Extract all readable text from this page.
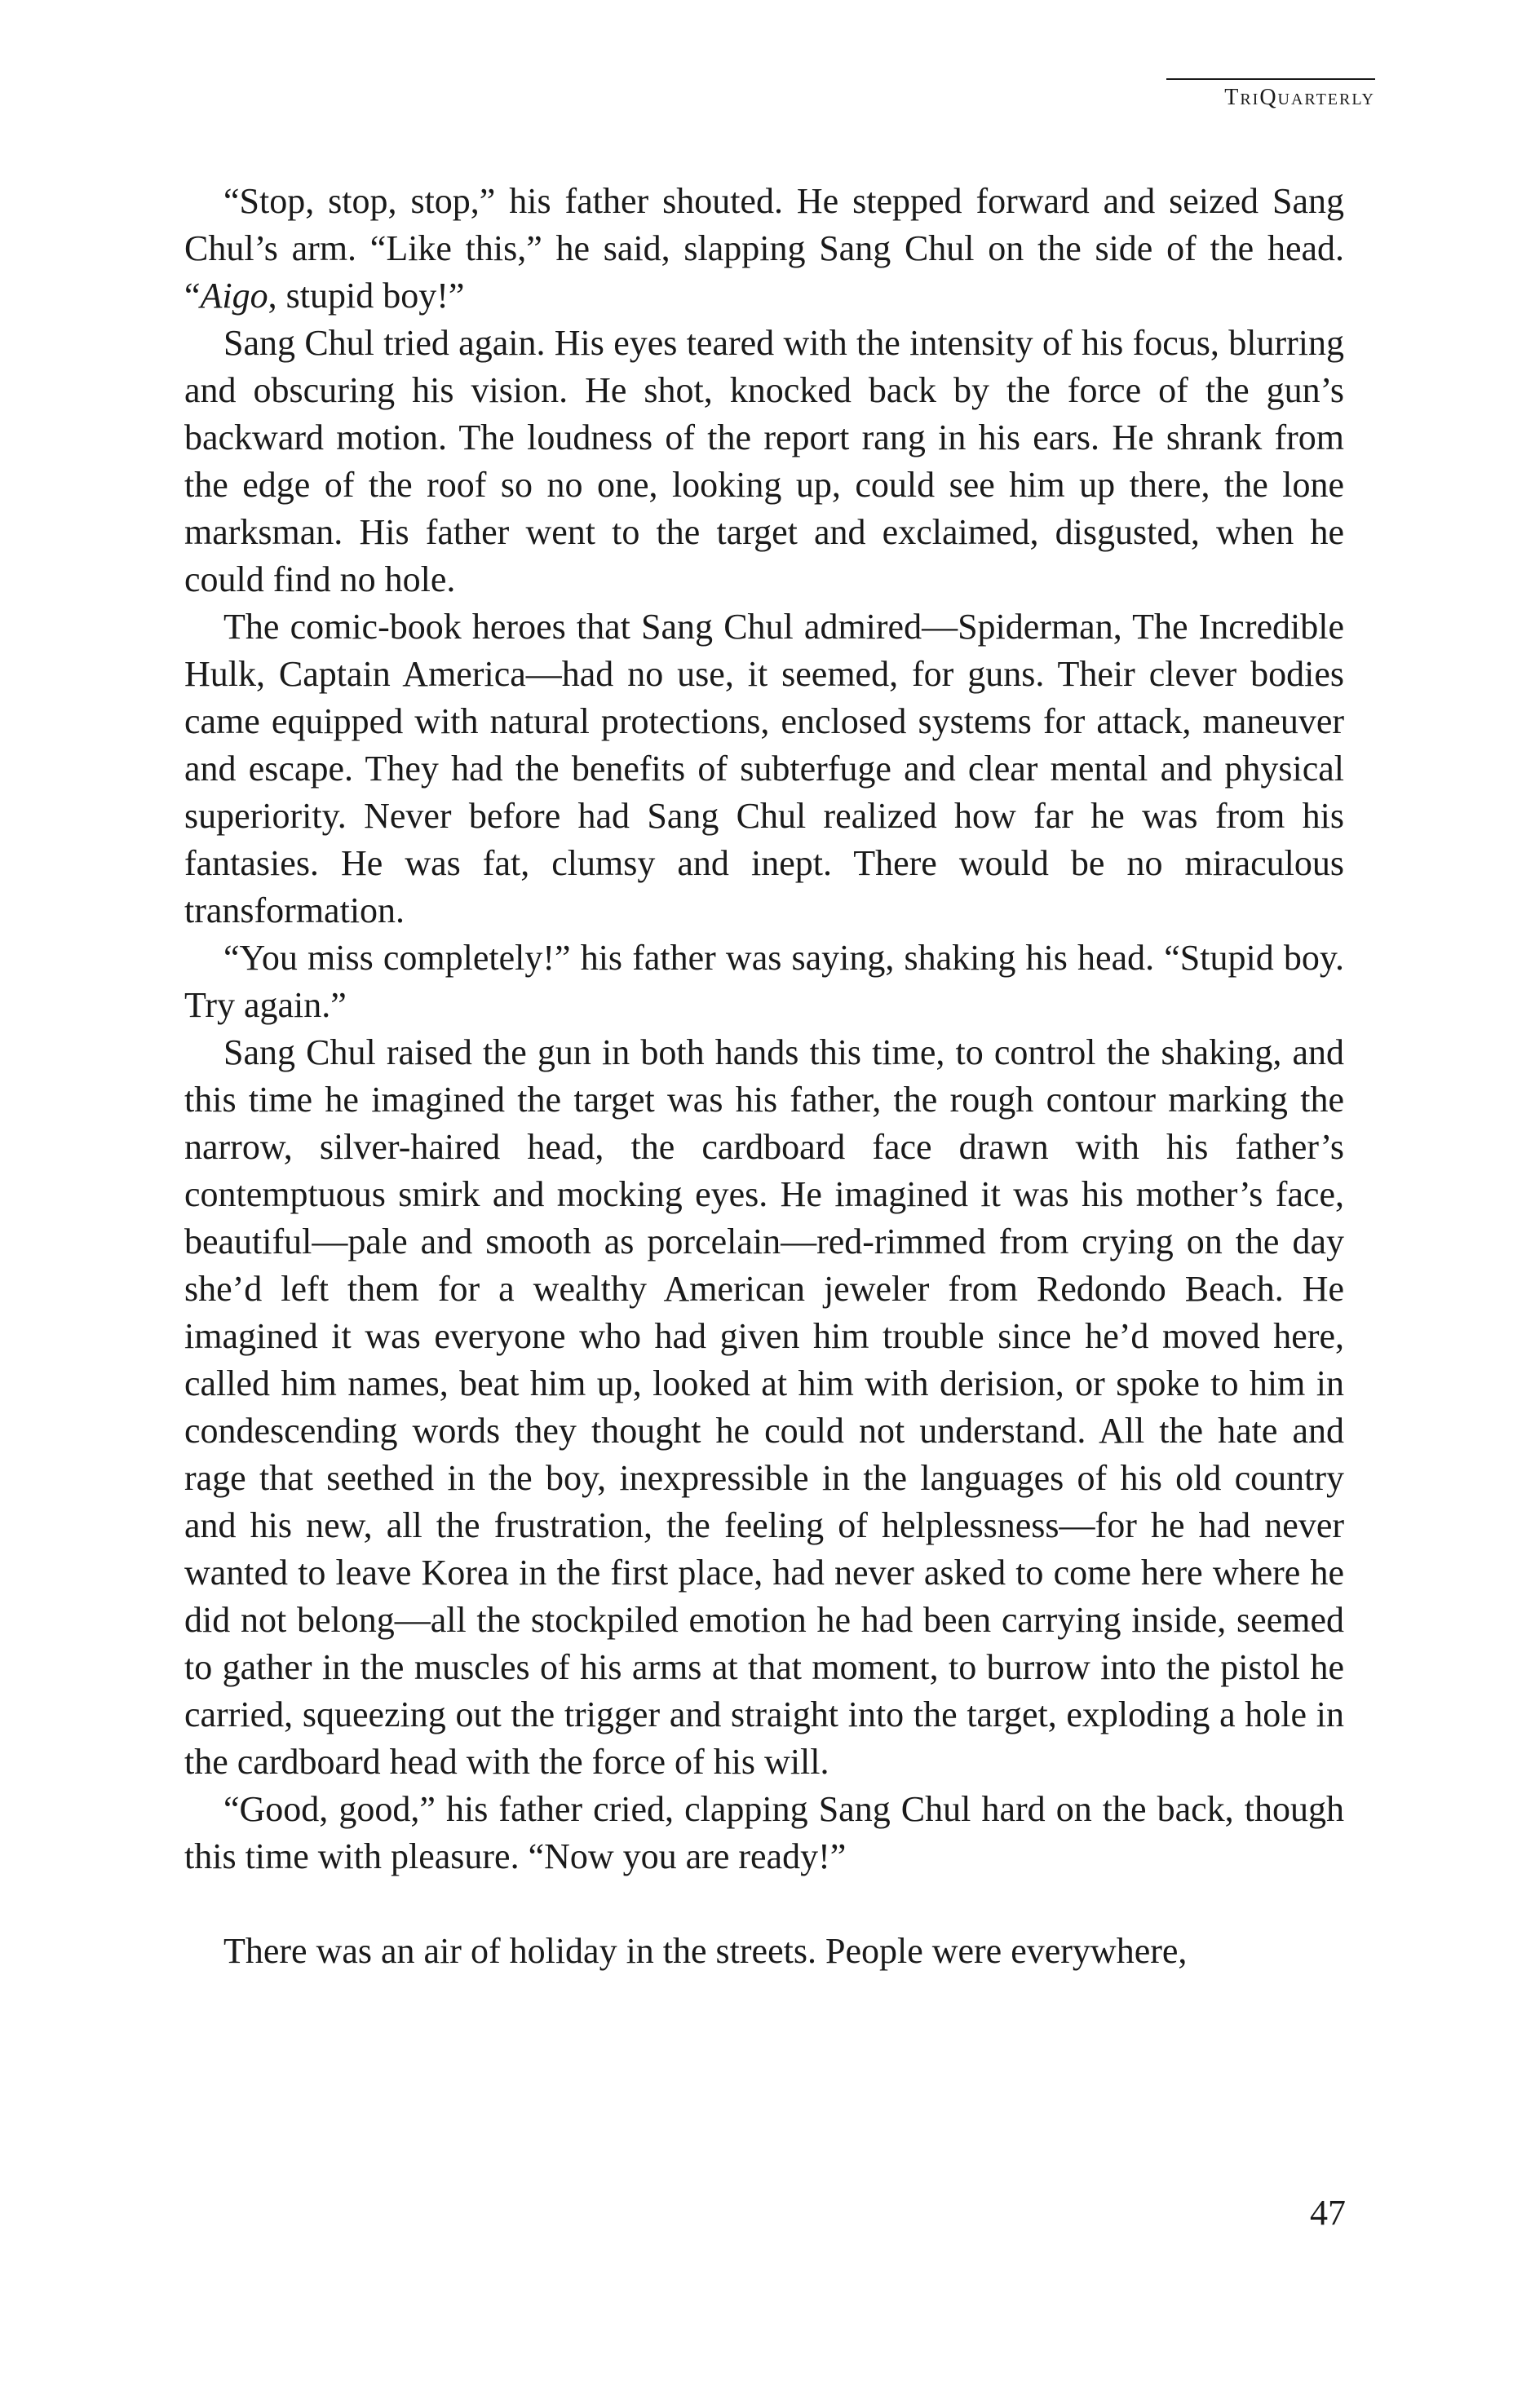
TriQuarterly

“Stop, stop, stop,” his father shouted. He stepped forward and seized Sang Chul’s arm. “Like this,” he said, slapping Sang Chul on the side of the head. “Aigo, stupid boy!”

Sang Chul tried again. His eyes teared with the intensity of his focus, blurring and obscuring his vision. He shot, knocked back by the force of the gun’s backward motion. The loudness of the report rang in his ears. He shrank from the edge of the roof so no one, looking up, could see him up there, the lone marksman. His father went to the target and exclaimed, disgusted, when he could find no hole.

The comic-book heroes that Sang Chul admired—Spiderman, The Incredible Hulk, Captain America—had no use, it seemed, for guns. Their clever bodies came equipped with natural protections, enclosed systems for attack, maneuver and escape. They had the benefits of subterfuge and clear mental and physical superiority. Never before had Sang Chul realized how far he was from his fantasies. He was fat, clumsy and inept. There would be no miraculous transformation.

“You miss completely!” his father was saying, shaking his head. “Stupid boy. Try again.”

Sang Chul raised the gun in both hands this time, to control the shaking, and this time he imagined the target was his father, the rough contour marking the narrow, silver-haired head, the cardboard face drawn with his father’s contemptuous smirk and mocking eyes. He imagined it was his mother’s face, beautiful—pale and smooth as porcelain—red-rimmed from crying on the day she’d left them for a wealthy American jeweler from Redondo Beach. He imagined it was everyone who had given him trouble since he’d moved here, called him names, beat him up, looked at him with derision, or spoke to him in condescending words they thought he could not understand. All the hate and rage that seethed in the boy, inexpressible in the languages of his old country and his new, all the frustration, the feeling of helplessness—for he had never wanted to leave Korea in the first place, had never asked to come here where he did not belong—all the stockpiled emotion he had been carrying inside, seemed to gather in the muscles of his arms at that moment, to burrow into the pistol he carried, squeezing out the trigger and straight into the target, exploding a hole in the cardboard head with the force of his will.

“Good, good,” his father cried, clapping Sang Chul hard on the back, though this time with pleasure. “Now you are ready!”

There was an air of holiday in the streets. People were everywhere,

47
